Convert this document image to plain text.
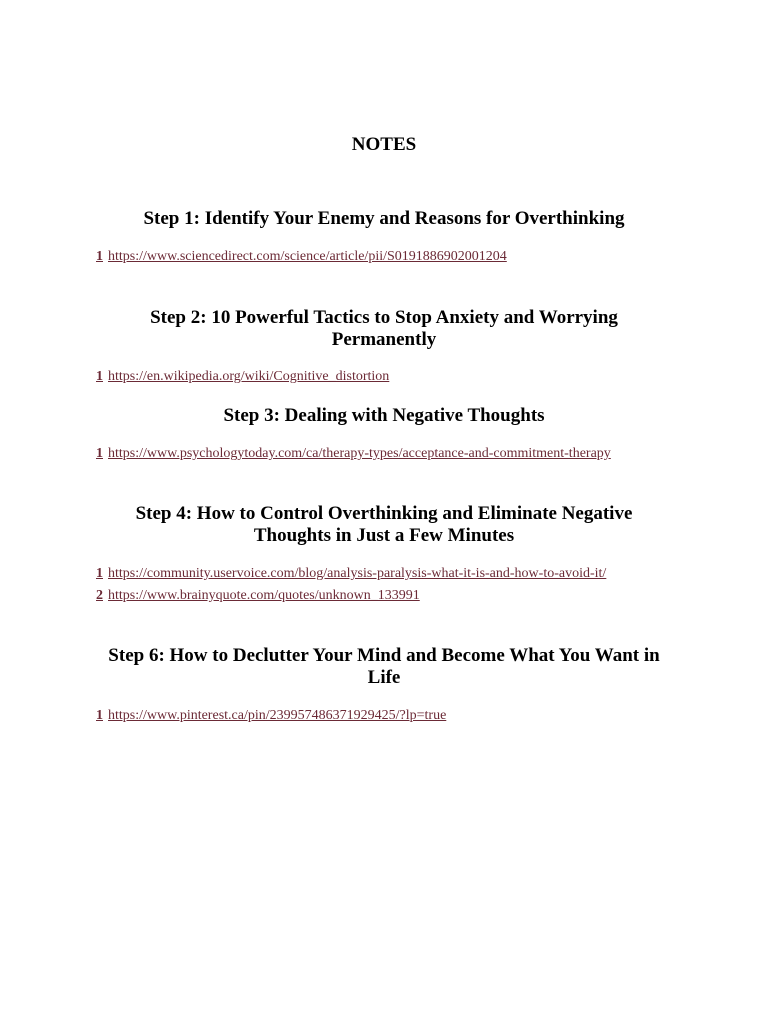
NOTES
Step 1: Identify Your Enemy and Reasons for Overthinking
1 https://www.sciencedirect.com/science/article/pii/S0191886902001204
Step 2: 10 Powerful Tactics to Stop Anxiety and Worrying Permanently
1 https://en.wikipedia.org/wiki/Cognitive_distortion
Step 3: Dealing with Negative Thoughts
1 https://www.psychologytoday.com/ca/therapy-types/acceptance-and-commitment-therapy
Step 4: How to Control Overthinking and Eliminate Negative Thoughts in Just a Few Minutes
1 https://community.uservoice.com/blog/analysis-paralysis-what-it-is-and-how-to-avoid-it/
2 https://www.brainyquote.com/quotes/unknown_133991
Step 6: How to Declutter Your Mind and Become What You Want in Life
1 https://www.pinterest.ca/pin/239957486371929425/?lp=true
